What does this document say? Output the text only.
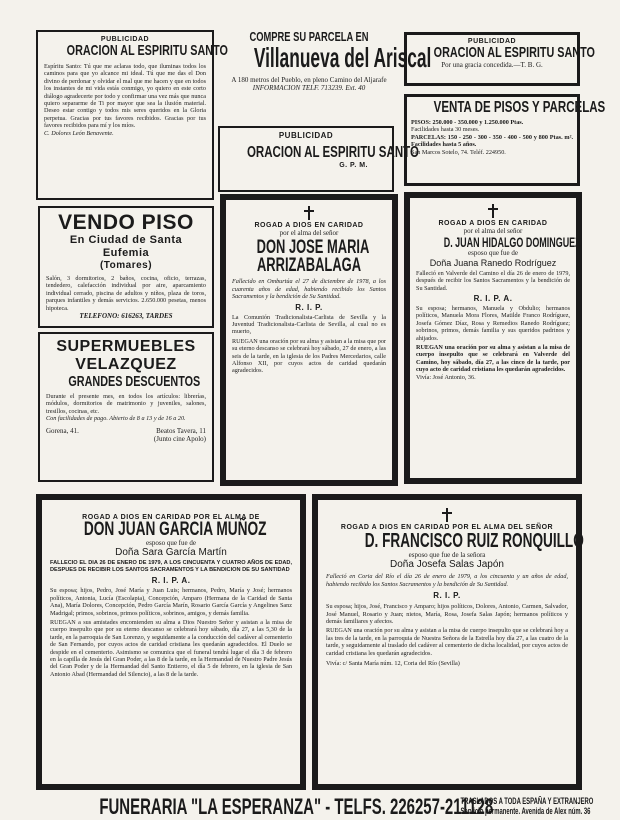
PUBLICIDAD
ORACION AL ESPIRITU SANTO

Espíritu Santo: Tú que me aclaras todo, que iluminas todos los caminos para que yo alcance mi ideal. Tú que me das el Don divino de perdonar y olvidar el mal que me hacen y que en todos los instantes de mi vida estás conmigo, yo quiero en este corto diálogo agradecerte por todo y confirmar una vez más que nunca quiero separarme de Ti por mayor que sea la ilusión material. Deseo estar contigo y todos mis seres queridos en la Gloria perpetua. Gracias por tus favores recibidos. Gracias por tus favores recibidos para mí y los míos.

C. Dolores León Benavente.

COMPRE SU PARCELA EN
Villanueva del Ariscal

A 180 metros del Pueblo, en pleno Camino del Aljarafe

INFORMACION TELF. 713239. Ext. 40

PUBLICIDAD
ORACION AL ESPIRITU SANTO
G. P. M.
PUBLICIDAD
ORACION AL ESPIRITU SANTO

Por una gracia concedida.—T. B. G.

VENTA DE PISOS Y PARCELAS

PISOS: 250.000 - 350.000 y 1.250.000 Ptas.

Facilidades hasta 30 meses.

PARCELAS: 150 - 250 - 300 - 350 - 400 - 500 y 800 Ptas. m². Facilidades hasta 5 años.

San Marcos Sotelo, 74. Teléf. 224950.

VENDO PISO
En Ciudad de Santa Eufemia
(Tomares)

Salón, 3 dormitorios, 2 baños, cocina, oficio, terrazas, tendedero, calefacción individual por aire, aparcamiento individual cerrado, piscina de adultos y niños, plaza de toros, parques infantiles y demás servicios. 2.650.000 pesetas, menos hipoteca.

TELEFONO: 616263, TARDES

SUPERMUEBLES
VELAZQUEZ
GRANDES DESCUENTOS

Durante el presente mes, en todos los artículos: librerías, módulos, dormitorios de matrimonio y juveniles, salones, tresillos, cocinas, etc.

Con facilidades de pago. Abierto de 8 a 13 y de 16 a 20.

Gorena, 41.	Beatos Tavera, 11
(Junto cine Apolo)
ROGAD A DIOS EN CARIDAD
por el alma del señor
DON JOSE MARIA
ARRIZABALAGA

Fallecido en Omburtúa el 27 de diciembre de 1978, a los cuarenta años de edad, habiendo recibido los Santos Sacramentos y la bendición de Su Santidad.

R. I. P.

La Comunión Tradicionalista-Carlista de Sevilla y la Juventud Tradicionalista-Carlista de Sevilla, al cual no es muerto,

RUEGAN una oración por su alma y asistan a la misa que por su eterno descanso se celebrará hoy sábado, 27 de enero, a las seis de la tarde, en la iglesia de los Padres Mercedarios, calle Alfonso XII, por cuyos actos de caridad quedarán agradecidos.

ROGAD A DIOS EN CARIDAD
por el alma del señor
D. JUAN HIDALGO DOMINGUEZ
esposo que fue de
Doña Juana Ranedo Rodríguez

Falleció en Valverde del Camino el día 26 de enero de 1979, después de recibir los Santos Sacramentos y la bendición de Su Santidad.

R. I. P. A.

Su esposa; hermanos, Manuela y Obdulio; hermanos políticos, Manuela Mora Flores, Matilde Franco Rodríguez, Josefa Gómez Díaz, Rosa y Remedios Ranedo Rodríguez; sobrinos, primos, demás familia y sus queridos padrinos y ahijados.

RUEGAN una oración por su alma y asistan a la misa de cuerpo insepulto que se celebrará en Valverde del Camino, hoy sábado, día 27, a las cinco de la tarde, por cuyo acto de caridad cristiana les quedarán agradecidos.

Vivía: José Antonio, 36.

ROGAD A DIOS EN CARIDAD POR EL ALMA DE
DON JUAN GARCIA MUÑOZ
esposo que fue de
Doña Sara García Martín

FALLECIO EL DIA 26 DE ENERO DE 1979, A LOS CINCUENTA Y CUATRO AÑOS DE EDAD, DESPUES DE RECIBIR LOS SANTOS SACRAMENTOS Y LA BENDICION DE SU SANTIDAD

R. I. P. A.

Su esposa; hijos, Pedro, José María y Juan Luis; hermanos, Pedro, María y José; hermanos políticos, Antonia, Lucía (Escolapia), Concepción, Amparo (Hermana de la Caridad de Santa Ana), María Dolores, Concepción, Pedro García Marín, Rosario García García y Angelines Sanz Madrigal; primos, sobrinos, primos políticos, sobrinos, amigos, y demás familia.

RUEGAN a sus amistades encomienden su alma a Dios Nuestro Señor y asistan a la misa de cuerpo insepulto que por su eterno descanso se celebrará hoy sábado, día 27, a las 5,30 de la tarde, en la parroquia de San Lorenzo, y seguidamente a la conducción del cadáver al cementerio de San Fernando, por cuyos actos de caridad cristiana les quedarán agradecidos. El Duelo se despide en el cementerio. Asimismo se comunica que el funeral tendrá lugar el día 3 de febrero en la capilla de Jesús del Gran Poder, a las 8 de la tarde, en la Hermandad de Nuestro Padre Jesús del Gran Poder y de la Hermandad del Santo Entierro, el día 5 de febrero, en la iglesia de San Antonio Abad (Hermandad del Silencio), a las 8 de la tarde.

ROGAD A DIOS EN CARIDAD POR EL ALMA DEL SEÑOR
D. FRANCISCO RUIZ RONQUILLO
esposo que fue de la señora
Doña Josefa Salas Japón

Falleció en Coria del Río el día 26 de enero de 1979, a los cincuenta y un años de edad, habiendo recibido los Santos Sacramentos y la bendición de Su Santidad.

R. I. P.

Su esposa; hijos, José, Francisco y Amparo; hijos políticos, Dolores, Antonio, Carmen, Salvador, José Manuel, Rosario y Juan; nietos, María, Rosa, Josefa Salas Japón; hermanos políticos y demás familiares y afectos.

RUEGAN una oración por su alma y asistan a la misa de cuerpo insepulto que se celebrará hoy a las tres de la tarde, en la parroquia de Nuestra Señora de la Estrella hoy día 27, a las cuatro de la tarde, y seguidamente al traslado del cadáver al cementerio de dicha localidad, por cuyos actos de caridad cristiana les quedarán agradecidos.

Vivía: c/ Santa María núm. 12, Coria del Río (Sevilla)

FUNERARIA "LA ESPERANZA" - TELFS. 226257-211128
TRASLADOS A TODA ESPAÑA Y EXTRANJERO
Servicio permanente. Avenida de Alex núm. 36
